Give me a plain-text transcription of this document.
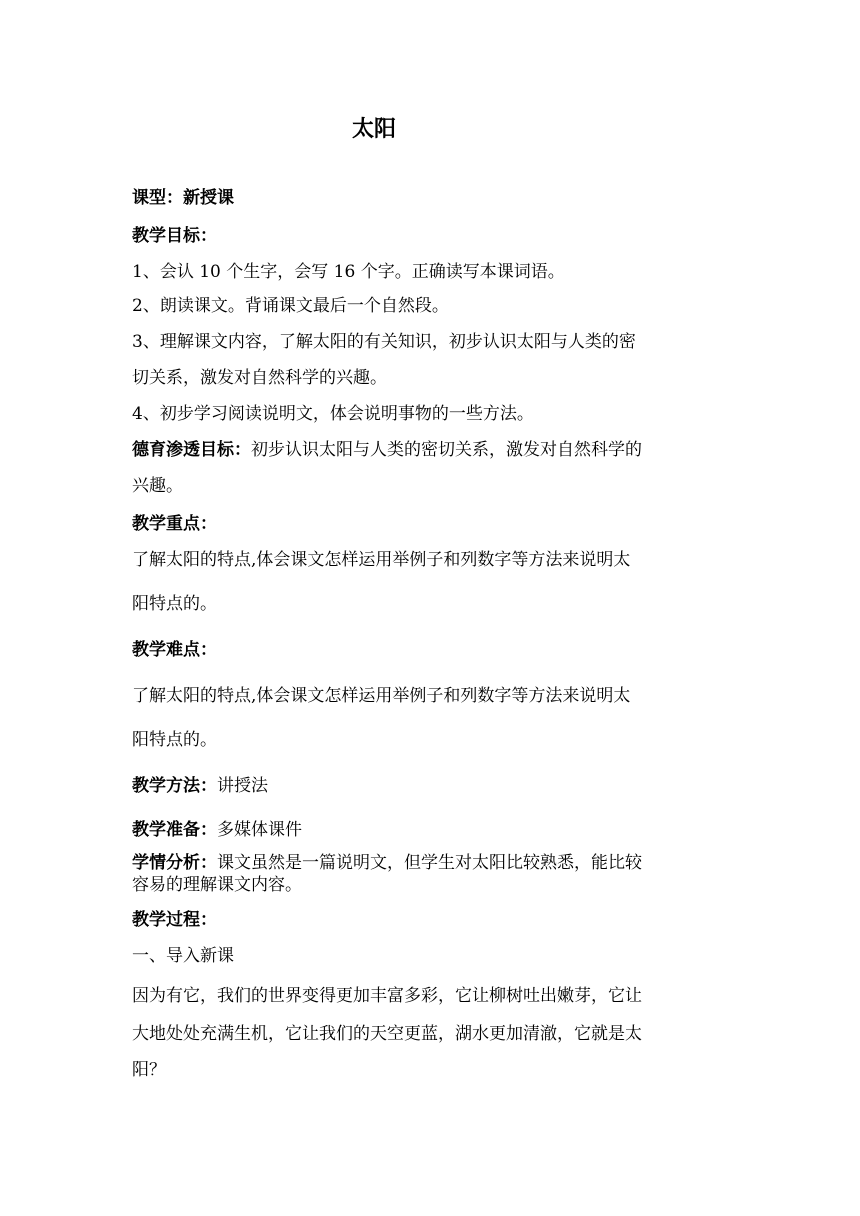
太阳
课型：新授课
教学目标：
1、会认 10 个生字，会写 16 个字。正确读写本课词语。
2、朗读课文。背诵课文最后一个自然段。
3、理解课文内容，了解太阳的有关知识，初步认识太阳与人类的密
切关系，激发对自然科学的兴趣。
4、初步学习阅读说明文，体会说明事物的一些方法。
德育渗透目标：初步认识太阳与人类的密切关系，激发对自然科学的
兴趣。
教学重点：
了解太阳的特点,体会课文怎样运用举例子和列数字等方法来说明太
阳特点的。
教学难点：
了解太阳的特点,体会课文怎样运用举例子和列数字等方法来说明太
阳特点的。
教学方法：讲授法
教学准备：多媒体课件
学情分析：课文虽然是一篇说明文，但学生对太阳比较熟悉，能比较
容易的理解课文内容。
教学过程：
一、导入新课
因为有它，我们的世界变得更加丰富多彩，它让柳树吐出嫩芽，它让
大地处处充满生机，它让我们的天空更蓝，湖水更加清澈，它就是太
阳？
